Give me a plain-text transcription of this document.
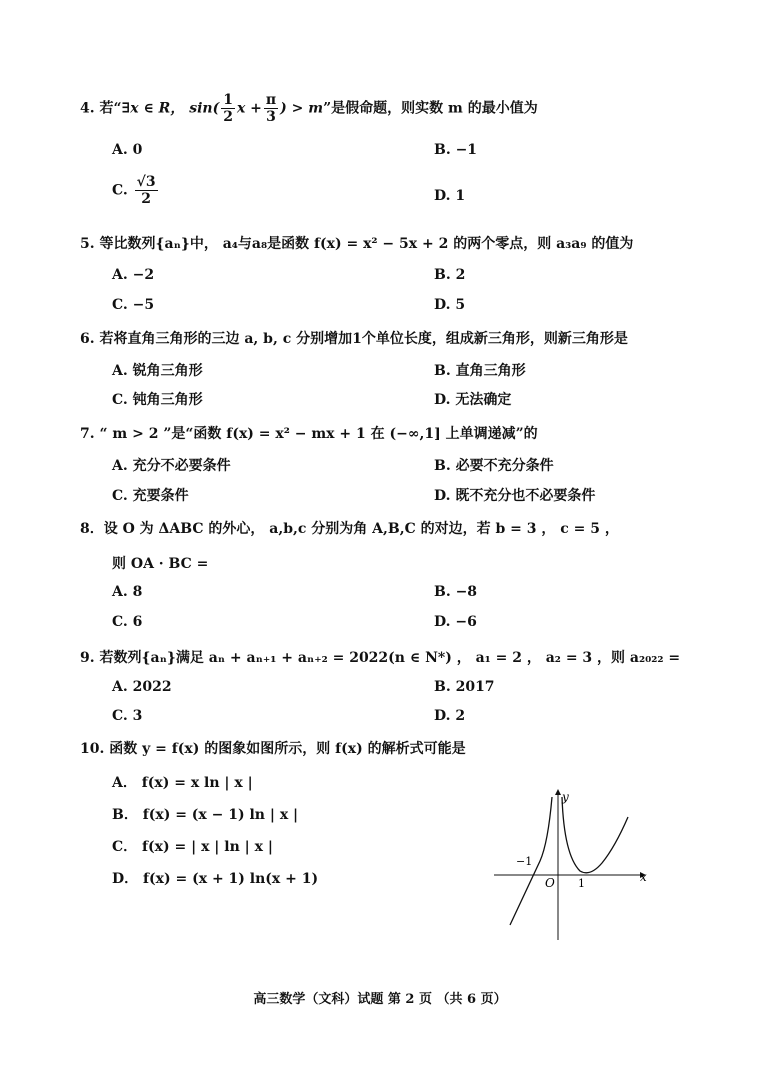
4. 若“∃x ∈ R， $\sin( \frac{1}{2}$ $x + \frac{\pi}{3}$ ) > m”是假命题，则实数 m 的最小值为
A. 0	B. −1
C. $\frac{√3}{2}$	D. 1
5. 等比数列{aₙ}中， a₄与a₈是函数 f(x) = x² − 5x + 2 的两个零点，则 a₃a₉ 的值为
A. −2	B. 2
C. −5	D. 5
6. 若将直角三角形的三边 a, b, c 分别增加1个单位长度，组成新三角形，则新三角形是
A. 锐角三角形	B. 直角三角形
C. 钝角三角形	D. 无法确定
7. “ m > 2 ”是“函数 f(x) = x² − mx + 1 在 (−∞,1] 上单调递减”的
A. 充分不必要条件	B. 必要不充分条件
C. 充要条件	D. 既不充分也不必要条件
8．设 O 为 ΔABC 的外心， a,b,c 分别为角 A,B,C 的对边，若 b = 3 ， c = 5 ，
则 OA · BC =
A. 8	B. −8
C. 6	D. −6
9. 若数列{aₙ}满足 aₙ + aₙ₊₁ + aₙ₊₂ = 2022(n ∈ N*) ， a₁ = 2 ， a₂ = 3 ，则 a₂₀₂₂ =
A. 2022	B. 2017
C. 3	D. 2
10. 函数 y = f(x) 的图象如图所示，则 f(x) 的解析式可能是
A． f(x) = x ln | x |
B． f(x) = (x − 1) ln | x |
C． f(x) = | x | ln | x |
D． f(x) = (x + 1) ln(x + 1)
y
x
O
−1
1
高三数学（文科）试题 第 2 页 （共 6 页）
